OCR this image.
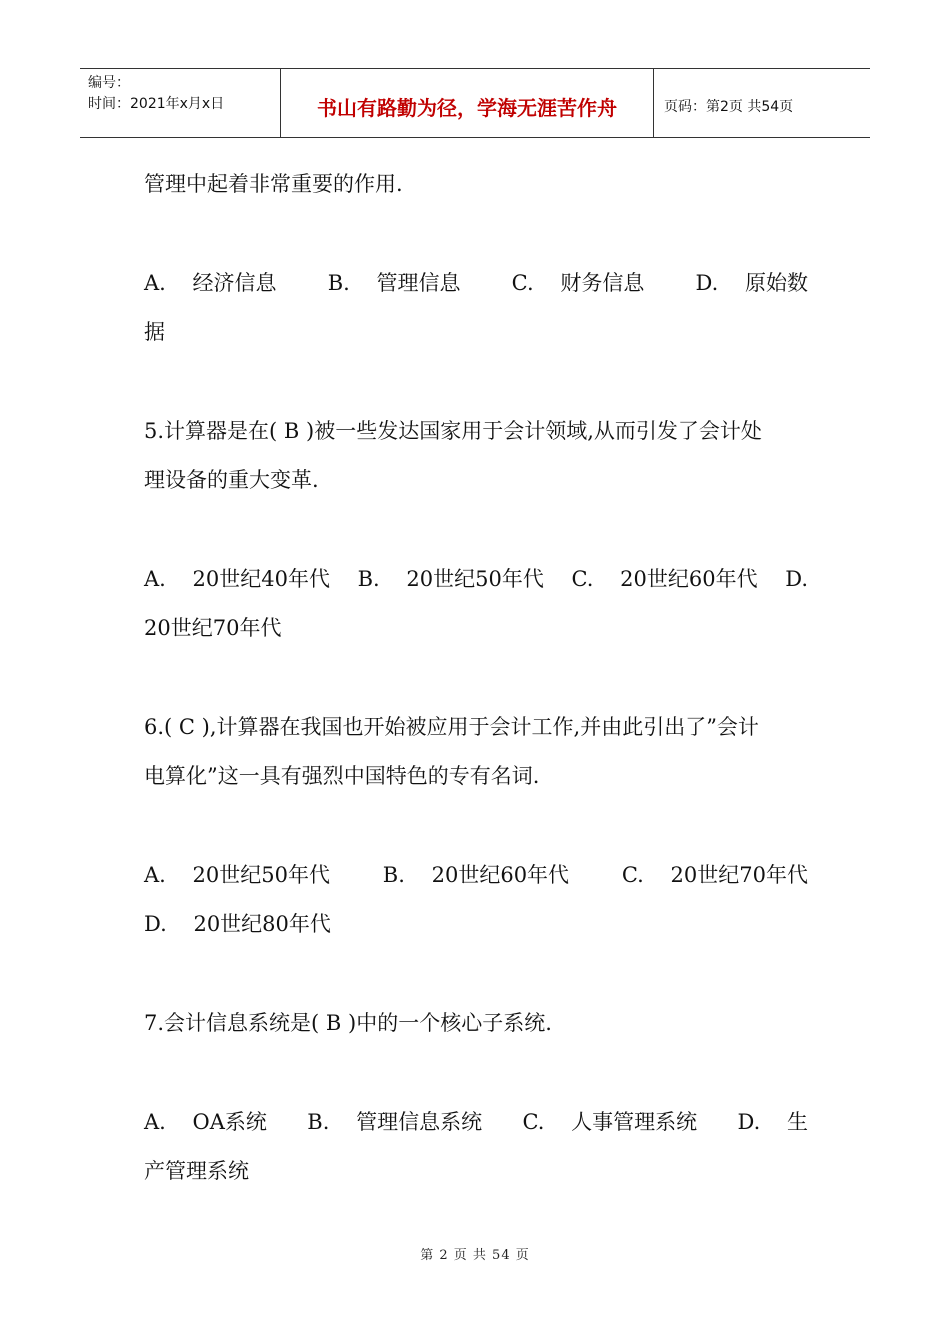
编号：
时间：2021年x月x日	书山有路勤为径，学海无涯苦作舟	页码：第2页 共54页
管理中起着非常重要的作用.
A.    经济信息 B.    管理信息 C.    财务信息 D.    原始数
据
5.计算器是在( B )被一些发达国家用于会计领域,从而引发了会计处
理设备的重大变革.
A.    20世纪40年代 B.    20世纪50年代 C.    20世纪60年代 D.
20世纪70年代
6.( C ),计算器在我国也开始被应用于会计工作,并由此引出了”会计
电算化”这一具有强烈中国特色的专有名词.
A.    20世纪50年代	B.    20世纪60年代	C.    20世纪70年代
D.    20世纪80年代
7.会计信息系统是( B )中的一个核心子系统.
A.    OA系统 B.    管理信息系统 C.    人事管理系统 D.    生
产管理系统
第 2 页 共 54 页
